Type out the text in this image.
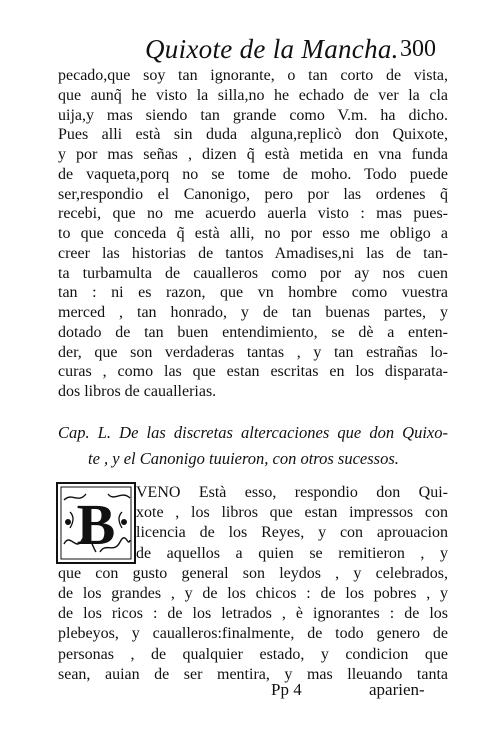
Quixote de la Mancha. 300
pecado,que soy tan ignorante, o tan corto de vista,
que aunq̃ he visto la silla,no he echado de ver la cla
uija,y mas siendo tan grande como V.m. ha dicho.
Pues alli està sin duda alguna,replicò don Quixote,
y por mas señas , dizen q̃ està metida en vna funda
de vaqueta,porq no se tome de moho. Todo puede
ser,respondio el Canonigo, pero por las ordenes q̃
recebi, que no me acuerdo auerla visto : mas pues-
to que conceda q̃ està alli, no por esso me obligo a
creer las historias de tantos Amadises,ni las de tan-
ta turbamulta de caualleros como por ay nos cuen
tan : ni es razon, que vn hombre como vuestra
merced , tan honrado, y de tan buenas partes, y
dotado de tan buen entendimiento, se dè a enten-
der, que son verdaderas tantas , y tan estrañas lo-
curas , como las que estan escritas en los disparata-
dos libros de cauallerias.
Cap. L. De las discretas altercaciones que don Quixo-
te , y el Canonigo tuuieron, con otros sucessos.
B	VENO Està esso, respondio don Qui-
xote , los libros que estan impressos con
licencia de los Reyes, y con aprouacion
de aquellos a quien se remitieron , y
que con gusto general son leydos , y celebrados,
de los grandes , y de los chicos : de los pobres , y
de los ricos : de los letrados , è ignorantes : de los
plebeyos, y caualleros:finalmente, de todo genero de
personas , de qualquier estado, y condicion que
sean, auian de ser mentira, y mas lleuando tanta
Pp 4	aparien-
